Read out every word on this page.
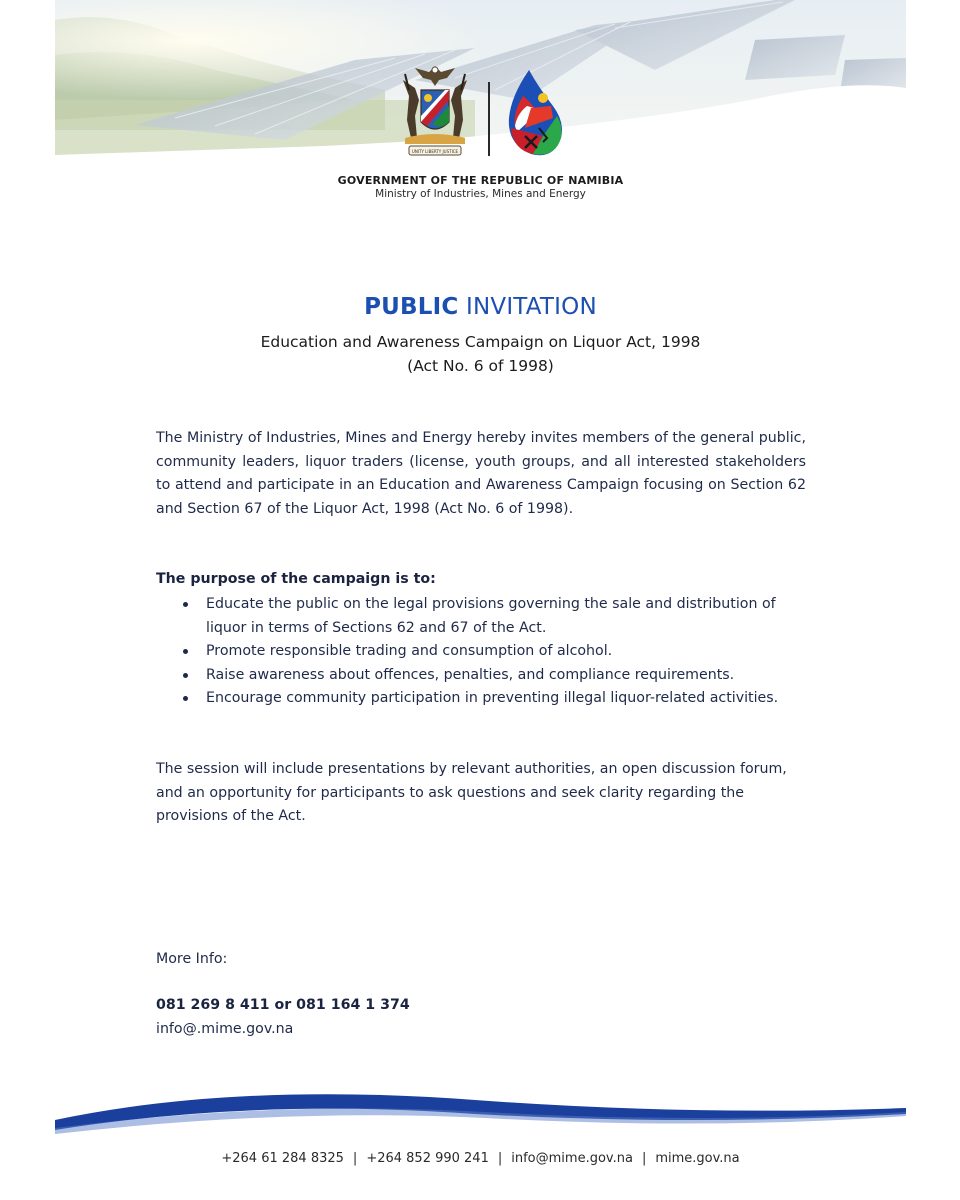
UNITY LIBERTY JUSTICE
GOVERNMENT OF THE REPUBLIC OF NAMIBIA
Ministry of Industries, Mines and Energy
PUBLIC INVITATION
Education and Awareness Campaign on Liquor Act, 1998
(Act No. 6 of 1998)
The Ministry of Industries, Mines and Energy hereby invites members of the general public, community leaders, liquor traders (license, youth groups, and all interested stakeholders to attend and participate in an Education and Awareness Campaign focusing on Section 62 and Section 67 of the Liquor Act, 1998 (Act No. 6 of 1998).
The purpose of the campaign is to:
Educate the public on the legal provisions governing the sale and distribution of liquor in terms of Sections 62 and 67 of the Act.
Promote responsible trading and consumption of alcohol.
Raise awareness about offences, penalties, and compliance requirements.
Encourage community participation in preventing illegal liquor-related activities.
The session will include presentations by relevant authorities, an open discussion forum, and an opportunity for participants to ask questions and seek clarity regarding the provisions of the Act.
More Info:
081 269 8 411 or 081 164 1 374
info@.mime.gov.na
+264 61 284 8325 | +264 852 990 241 | info@mime.gov.na | mime.gov.na
